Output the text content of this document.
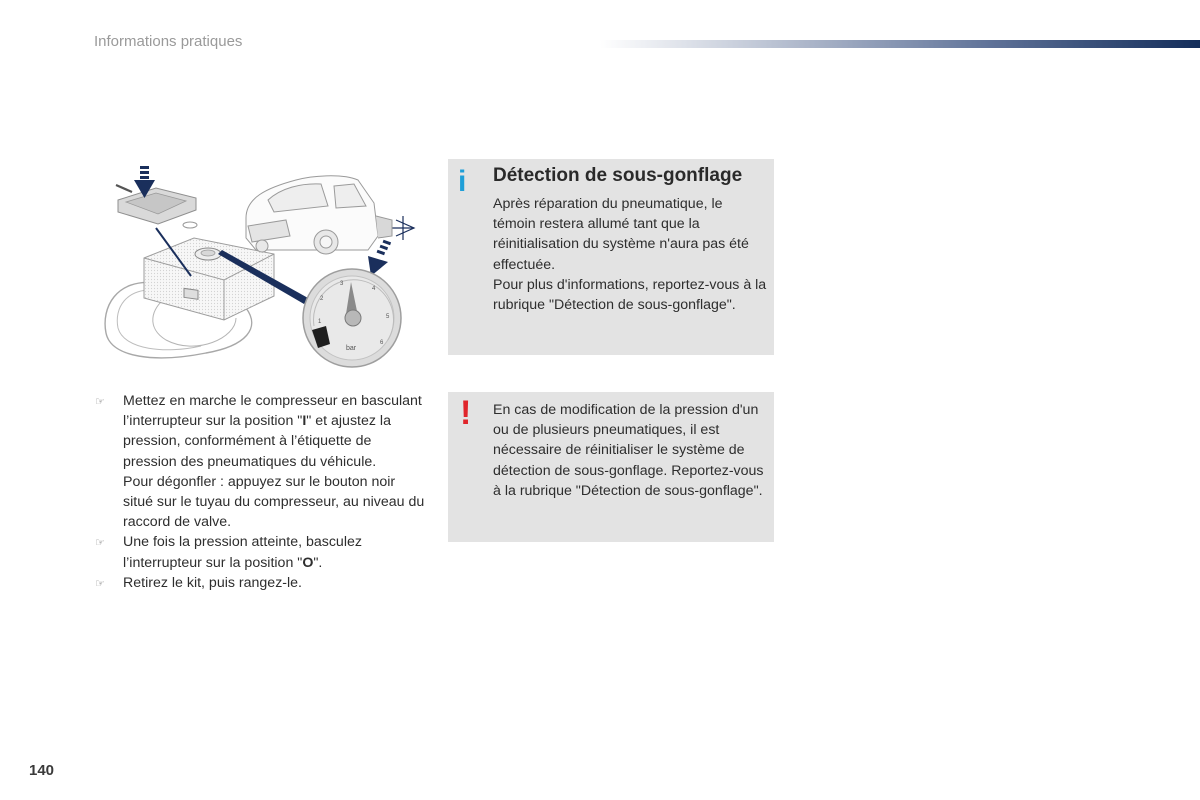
Informations pratiques
1
2
3
4
5
6
bar
☞ Mettez en marche le compresseur en basculant l’interrupteur sur la position "I" et ajustez la pression, conformément à l’étiquette de pression des pneumatiques du véhicule.

Pour dégonfler : appuyez sur le bouton noir situé sur le tuyau du compresseur, au niveau du raccord de valve.

☞ Une fois la pression atteinte, basculez l’interrupteur sur la position "O".

☞ Retirez le kit, puis rangez-le.

i Détection de sous-gonflage

Après réparation du pneumatique, le témoin restera allumé tant que la réinitialisation du système n'aura pas été effectuée.

Pour plus d'informations, reportez-vous à la rubrique "Détection de sous-gonflage".

! En cas de modification de la pression d'un ou de plusieurs pneumatiques, il est nécessaire de réinitialiser le système de détection de sous-gonflage. Reportez-vous à la rubrique "Détection de sous-gonflage".

140
